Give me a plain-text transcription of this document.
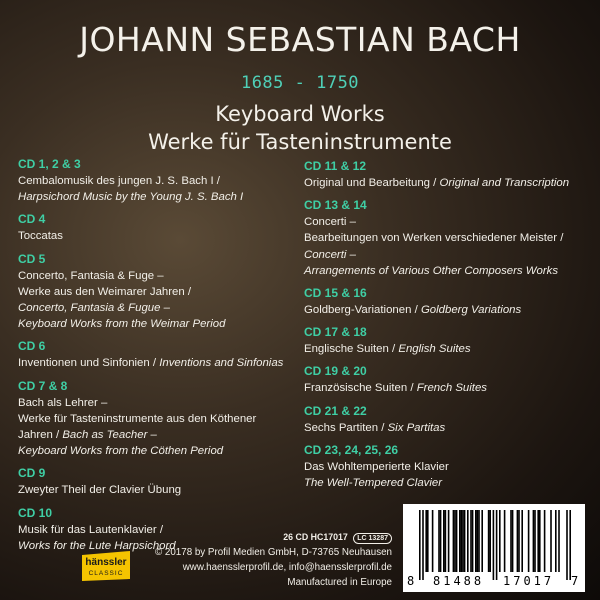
JOHANN SEBASTIAN BACH
1685 - 1750
Keyboard Works
Werke für Tasteninstrumente
CD 1, 2 & 3
Cembalomusik des jungen J. S. Bach I /
Harpsichord Music by the Young J. S. Bach I
CD 4
Toccatas
CD 5
Concerto, Fantasia & Fuge –
Werke aus den Weimarer Jahren /
Concerto, Fantasia & Fugue –
Keyboard Works from the Weimar Period
CD 6
Inventionen und Sinfonien / Inventions and Sinfonias
CD 7 & 8
Bach als Lehrer –
Werke für Tasteninstrumente aus den Köthener
Jahren / Bach as Teacher –
Keyboard Works from the Cöthen Period
CD 9
Zweyter Theil der Clavier Übung
CD 10
Musik für das Lautenklavier /
Works for the Lute Harpsichord
CD 11 & 12
Original und Bearbeitung / Original and Transcription
CD 13 & 14
Concerti –
Bearbeitungen von Werken verschiedener Meister /
Concerti –
Arrangements of Various Other Composers Works
CD 15 & 16
Goldberg-Variationen / Goldberg Variations
CD 17 & 18
Englische Suiten / English Suites
CD 19 & 20
Französische Suiten / French Suites
CD 21 & 22
Sechs Partiten / Six Partitas
CD 23, 24, 25, 26
Das Wohltemperierte Klavier
The Well-Tempered Clavier
hänssler
CLASSIC
26 CD HC17017 LC 13287
© 20178 by Profil Medien GmbH, D-73765 Neuhausen
www.haensslerprofil.de, info@haensslerprofil.de
Manufactured in Europe 8 81488 17017 7
